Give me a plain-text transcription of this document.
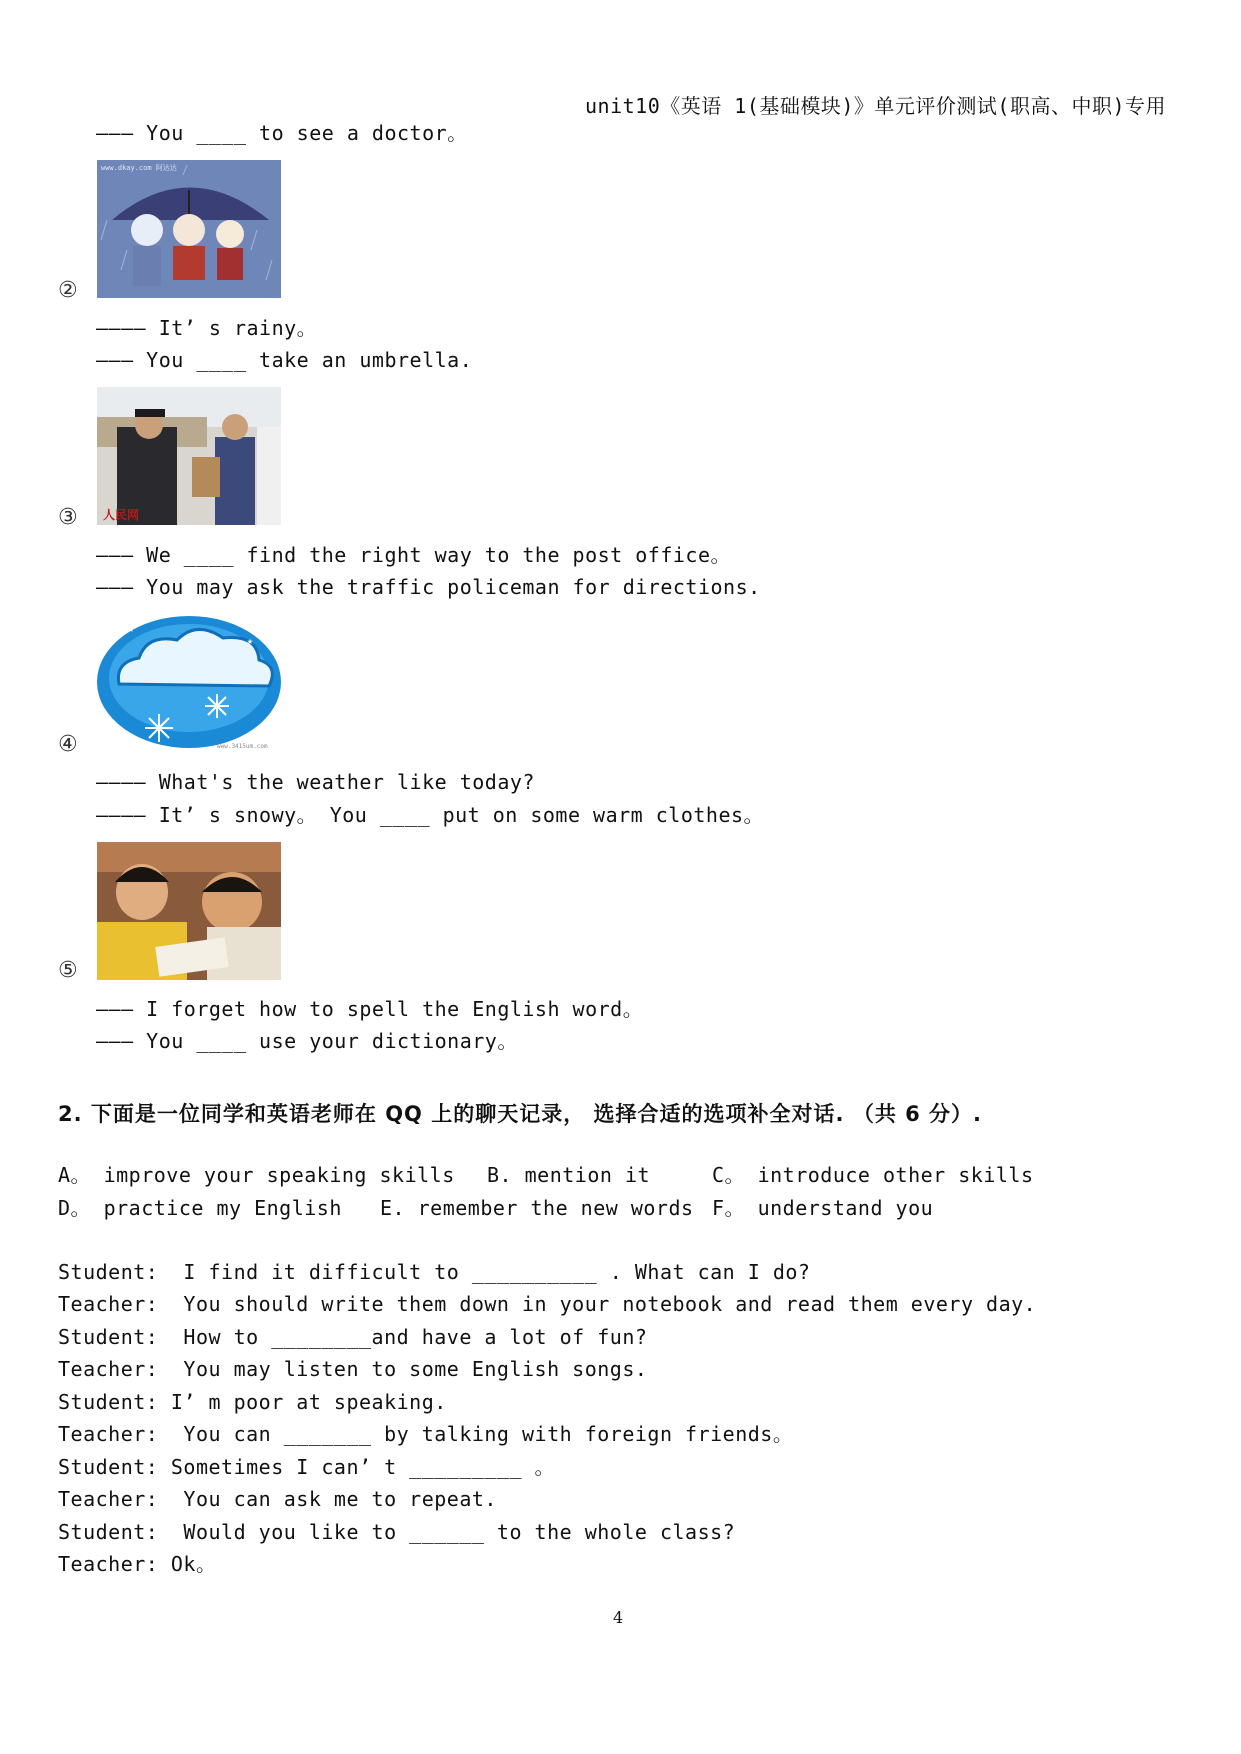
unit10《英语 1(基础模块)》单元评价测试(职高、中职)专用
——— You ____ to see a doctor。
www.dkay.com 阿达达
②
———— It’ s rainy。
——— You ____ take an umbrella.
人民网
③
——— We ____ find the right way to the post office。
——— You may ask the traffic policeman for directions.
★
★
www.3415um.com
④
———— What's the weather like today?
———— It’ s snowy。 You ____ put on some warm clothes。
⑤
——— I forget how to spell the English word。
——— You ____ use your dictionary。
2. 下面是一位同学和英语老师在 QQ 上的聊天记录， 选择合适的选项补全对话. （共 6 分）.
A。 improve your speaking skills B. mention it	C。 introduce other skills
D。 practice my English E. remember the new words F。 understand you
Student:  I find it difficult to __________ . What can I do?
Teacher:  You should write them down in your notebook and read them every day.
Student:  How to ________and have a lot of fun?
Teacher:  You may listen to some English songs.
Student: I’ m poor at speaking.
Teacher:  You can _______ by talking with foreign friends。
Student: Sometimes I can’ t _________ 。
Teacher:  You can ask me to repeat.
Student:  Would you like to ______ to the whole class?
Teacher: Ok。
4
